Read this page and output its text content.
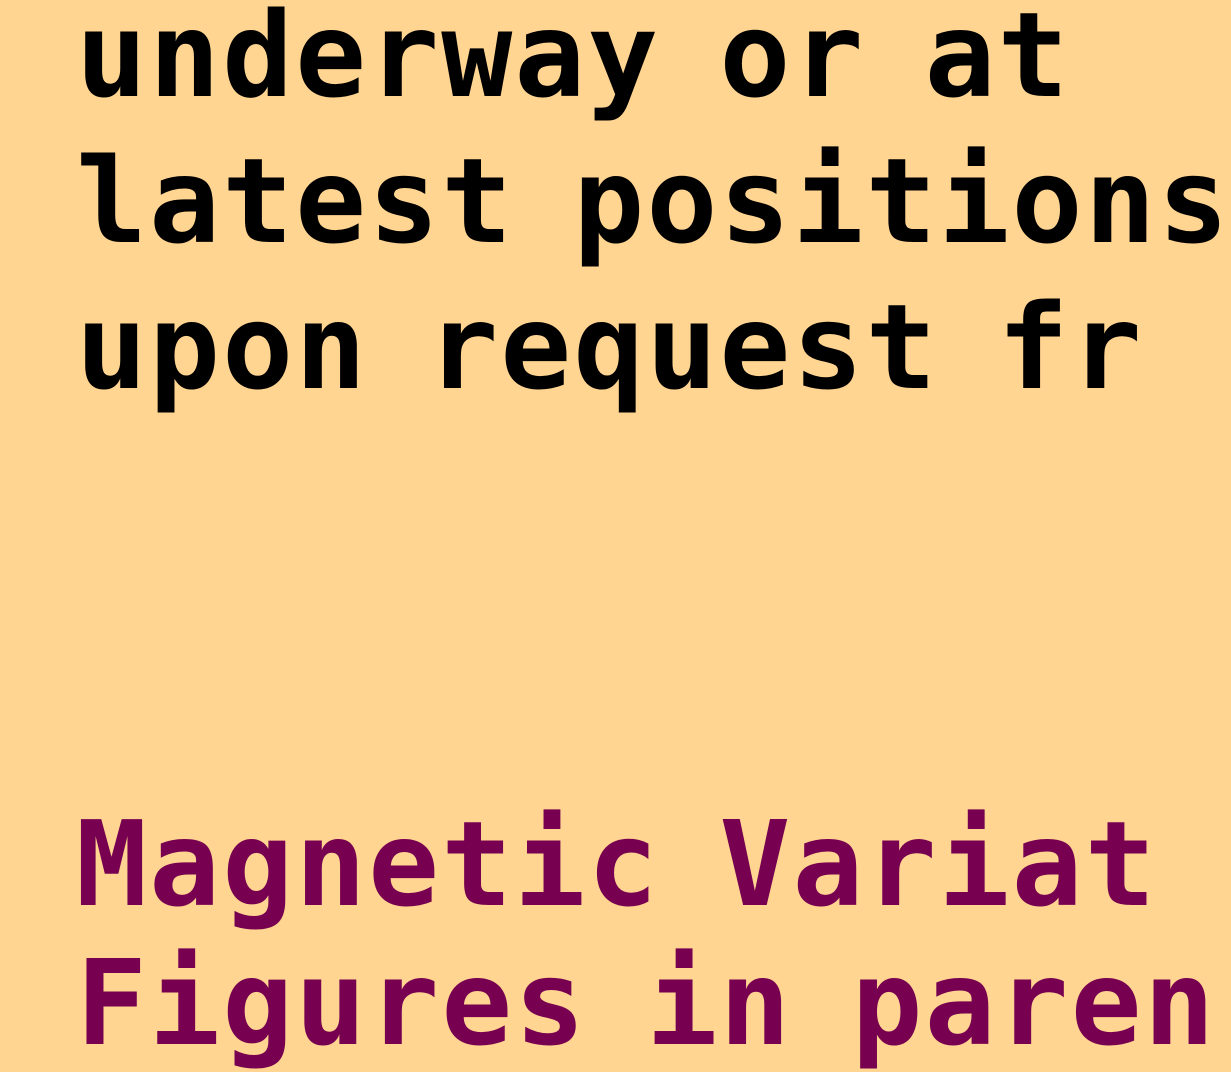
underway or at

latest positions

upon request fr

Magnetic Variat

Figures in paren
